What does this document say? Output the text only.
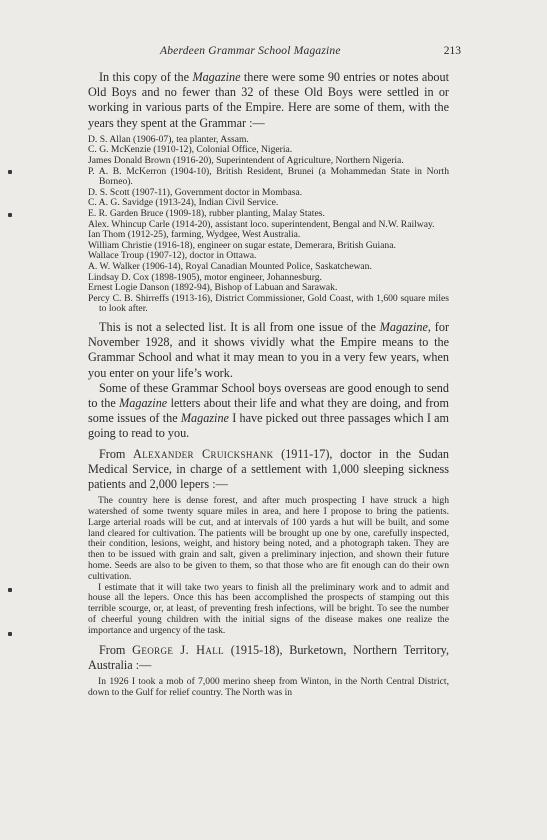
Aberdeen Grammar School Magazine	213

In this copy of the Magazine there were some 90 entries or notes about Old Boys and no fewer than 32 of these Old Boys were settled in or working in various parts of the Empire. Here are some of them, with the years they spent at the Grammar :—

D. S. Allan (1906-07), tea planter, Assam.
C. G. McKenzie (1910-12), Colonial Office, Nigeria.
James Donald Brown (1916-20), Superintendent of Agriculture, Northern Nigeria.
P. A. B. McKerron (1904-10), British Resident, Brunei (a Mohammedan State in North Borneo).
D. S. Scott (1907-11), Government doctor in Mombasa.
C. A. G. Savidge (1913-24), Indian Civil Service.
E. R. Garden Bruce (1909-18), rubber planting, Malay States.
Alex. Whincup Carle (1914-20), assistant loco. superintendent, Bengal and N.W. Railway.
Ian Thom (1912-25), farming, Wydgee, West Australia.
William Christie (1916-18), engineer on sugar estate, Demerara, British Guiana.
Wallace Troup (1907-12), doctor in Ottawa.
A. W. Walker (1906-14), Royal Canadian Mounted Police, Saskatchewan.
Lindsay D. Cox (1898-1905), motor engineer, Johannesburg.
Ernest Logie Danson (1892-94), Bishop of Labuan and Sarawak.
Percy C. B. Shirreffs (1913-16), District Commissioner, Gold Coast, with 1,600 square miles to look after.

This is not a selected list. It is all from one issue of the Magazine, for November 1928, and it shows vividly what the Empire means to the Grammar School and what it may mean to you in a very few years, when you enter on your life’s work.

Some of these Grammar School boys overseas are good enough to send to the Magazine letters about their life and what they are doing, and from some issues of the Magazine I have picked out three passages which I am going to read to you.

From Alexander Cruickshank (1911-17), doctor in the Sudan Medical Service, in charge of a settlement with 1,000 sleeping sickness patients and 2,000 lepers :—

The country here is dense forest, and after much prospecting I have struck a high watershed of some twenty square miles in area, and here I propose to bring the patients. Large arterial roads will be cut, and at intervals of 100 yards a hut will be built, and some land cleared for cultivation. The patients will be brought up one by one, carefully inspected, their condition, lesions, weight, and history being noted, and a photograph taken. They are then to be issued with grain and salt, given a preliminary injection, and shown their future home. Seeds are also to be given to them, so that those who are fit enough can do their own cultivation.

I estimate that it will take two years to finish all the preliminary work and to admit and house all the lepers. Once this has been accomplished the prospects of stamping out this terrible scourge, or, at least, of preventing fresh infections, will be bright. To see the number of cheerful young children with the initial signs of the disease makes one realize the importance and urgency of the task.

From George J. Hall (1915-18), Burketown, Northern Territory, Australia :—

In 1926 I took a mob of 7,000 merino sheep from Winton, in the North Central District, down to the Gulf for relief country. The North was in
